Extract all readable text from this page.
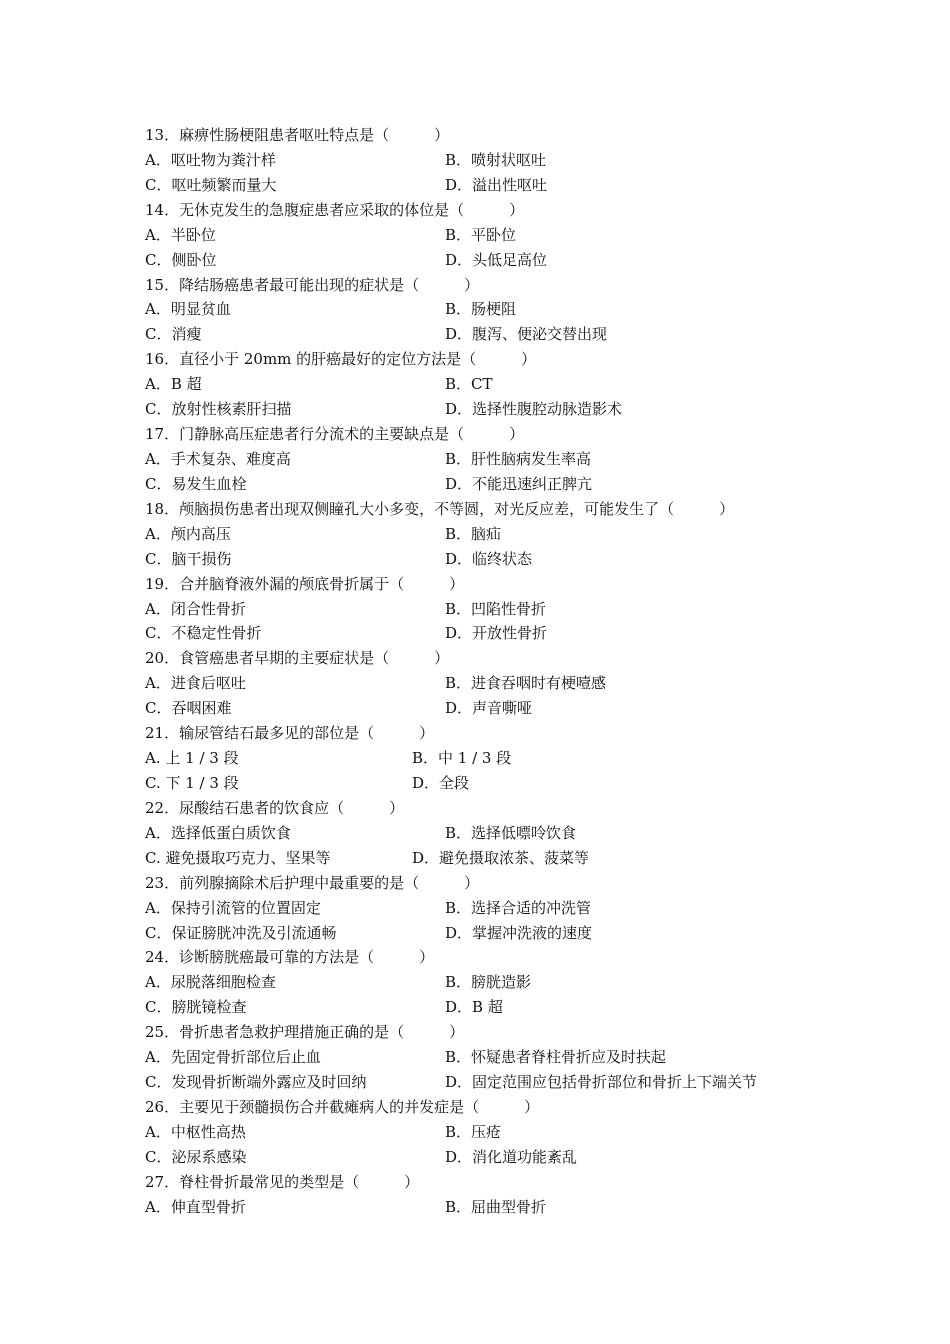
13．麻痹性肠梗阻患者呕吐特点是（　　　）
A．呕吐物为粪汁样	B．喷射状呕吐
C．呕吐频繁而量大	D．溢出性呕吐
14．无休克发生的急腹症患者应采取的体位是（　　　）
A．半卧位	B．平卧位
C．侧卧位	D．头低足高位
15．降结肠癌患者最可能出现的症状是（　　　）
A．明显贫血	B．肠梗阻
C．消瘦	D．腹泻、便泌交替出现
16．直径小于 20mm 的肝癌最好的定位方法是（　　　）
A．B 超	B．CT
C．放射性核素肝扫描	D．选择性腹腔动脉造影术
17．门静脉高压症患者行分流术的主要缺点是（　　　）
A．手术复杂、难度高	B．肝性脑病发生率高
C．易发生血栓	D．不能迅速纠正脾亢
18．颅脑损伤患者出现双侧瞳孔大小多变，不等圆，对光反应差，可能发生了（　　　）
A．颅内高压	B．脑疝
C．脑干损伤	D．临终状态
19．合并脑脊液外漏的颅底骨折属于（　　　）
A．闭合性骨折	B．凹陷性骨折
C．不稳定性骨折	D．开放性骨折
20．食管癌患者早期的主要症状是（　　　）
A．进食后呕吐	B．进食吞咽时有梗噎感
C．吞咽困难	D．声音嘶哑
21．输尿管结石最多见的部位是（　　　）
A. 上 1 / 3 段	B．中 1 / 3 段
C. 下 1 / 3 段	D．全段
22．尿酸结石患者的饮食应（　　　）
A．选择低蛋白质饮食	B．选择低嘌呤饮食
C. 避免摄取巧克力、坚果等	D．避免摄取浓茶、菠菜等
23．前列腺摘除术后护理中最重要的是（　　　）
A．保持引流管的位置固定	B．选择合适的冲洗管
C．保证膀胱冲洗及引流通畅	D．掌握冲洗液的速度
24．诊断膀胱癌最可靠的方法是（　　　）
A．尿脱落细胞检查	B．膀胱造影
C．膀胱镜检查	D．B 超
25．骨折患者急救护理措施正确的是（　　　）
A．先固定骨折部位后止血	B．怀疑患者脊柱骨折应及时扶起
C．发现骨折断端外露应及时回纳	D．固定范围应包括骨折部位和骨折上下端关节
26．主要见于颈髓损伤合并截瘫病人的并发症是（　　　）
A．中枢性高热	B．压疮
C．泌尿系感染	D．消化道功能紊乱
27．脊柱骨折最常见的类型是（　　　）
A．伸直型骨折	B．屈曲型骨折
